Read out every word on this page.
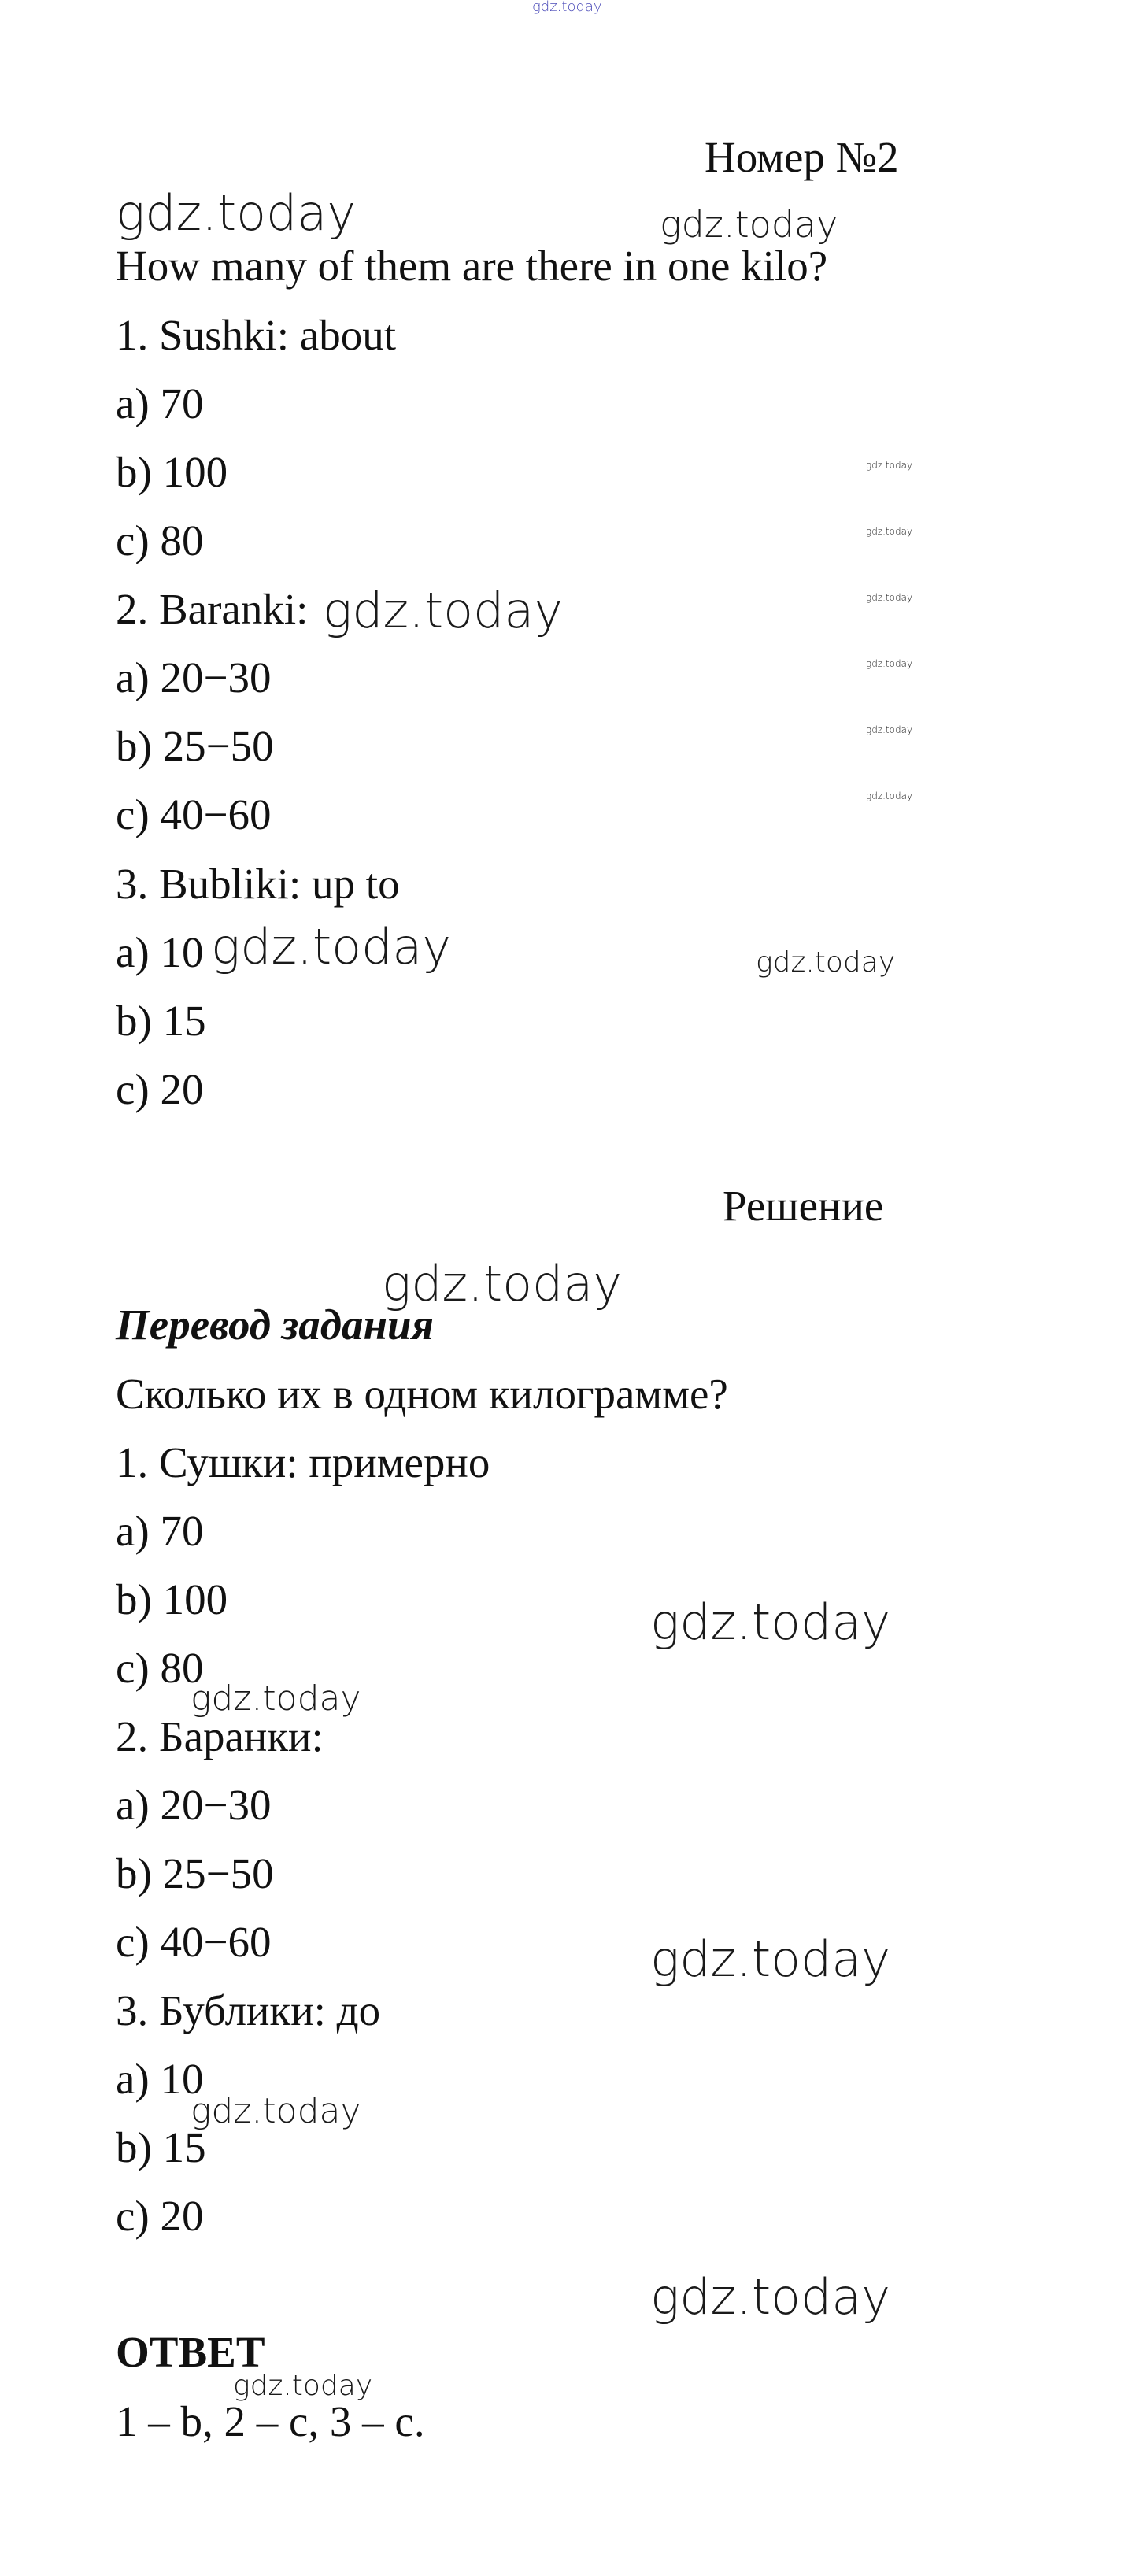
gdz.today
Номер №2
How many of them are there in one kilo?
1. Sushki: about
a) 70
b) 100
c) 80
2. Baranki:
a) 20−30
b) 25−50
c) 40−60
3. Bubliki: up to
a) 10
b) 15
c) 20
Решение
Перевод задания
Сколько их в одном килограмме?
1. Сушки: примерно
a) 70
b) 100
c) 80
2. Баранки:
a) 20−30
b) 25−50
c) 40−60
3. Бублики: до
a) 10
b) 15
c) 20
ОТВЕТ
1 – b, 2 – c, 3 – c.
gdz.today	gdz.today
gdz.today
gdz.today	gdz.today
gdz.today
gdz.today
gdz.today
gdz.today
gdz.today
gdz.today
gdz.today
gdz.today
gdz.today
gdz.today
gdz.today
gdz.today
gdz.today
